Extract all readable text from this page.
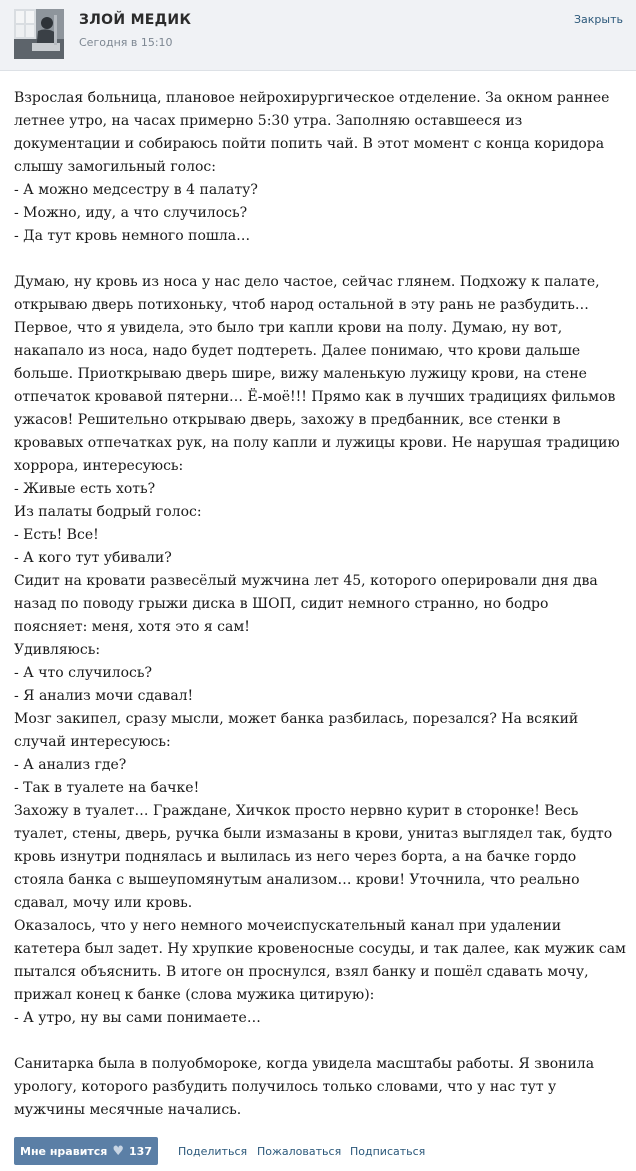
ЗЛОЙ МЕДИК
Сегодня в 15:10
Закрыть

Взрослая больница, плановое нейрохирургическое отделение. За окном раннее летнее утро, на часах примерно 5:30 утра. Заполняю оставшееся из документации и собираюсь пойти попить чай. В этот момент с конца коридора слышу замогильный голос:

- А можно медсестру в 4 палату?

- Можно, иду, а что случилось?

- Да тут кровь немного пошла…

Думаю, ну кровь из носа у нас дело частое, сейчас глянем. Подхожу к палате, открываю дверь потихоньку, чтоб народ остальной в эту рань не разбудить… Первое, что я увидела, это было три капли крови на полу. Думаю, ну вот, накапало из носа, надо будет подтереть. Далее понимаю, что крови дальше больше. Приоткрываю дверь шире, вижу маленькую лужицу крови, на стене отпечаток кровавой пятерни… Ё-моё!!! Прямо как в лучших традициях фильмов ужасов! Решительно открываю дверь, захожу в предбанник, все стенки в кровавых отпечатках рук, на полу капли и лужицы крови. Не нарушая традицию хоррора, интересуюсь:

- Живые есть хоть?

Из палаты бодрый голос:

- Есть! Все!

- А кого тут убивали?

Сидит на кровати развесёлый мужчина лет 45, которого оперировали дня два назад по поводу грыжи диска в ШОП, сидит немного странно, но бодро поясняет: меня, хотя это я сам!

Удивляюсь:

- А что случилось?

- Я анализ мочи сдавал!

Мозг закипел, сразу мысли, может банка разбилась, порезался? На всякий случай интересуюсь:

- А анализ где?

- Так в туалете на бачке!

Захожу в туалет… Граждане, Хичкок просто нервно курит в сторонке! Весь туалет, стены, дверь, ручка были измазаны в крови, унитаз выглядел так, будто кровь изнутри поднялась и вылилась из него через борта, а на бачке гордо стояла банка с вышеупомянутым анализом… крови! Уточнила, что реально сдавал, мочу или кровь.

Оказалось, что у него немного мочеиспускательный канал при удалении катетера был задет. Ну хрупкие кровеносные сосуды, и так далее, как мужик сам пытался объяснить. В итоге он проснулся, взял банку и пошёл сдавать мочу, прижал конец к банке (слова мужика цитирую):

- А утро, ну вы сами понимаете…

Санитарка была в полуобмороке, когда увидела масштабы работы. Я звонила урологу, которого разбудить получилось только словами, что у нас тут у мужчины месячные начались.

Мне нравится ♥ 137 Поделиться Пожаловаться Подписаться
